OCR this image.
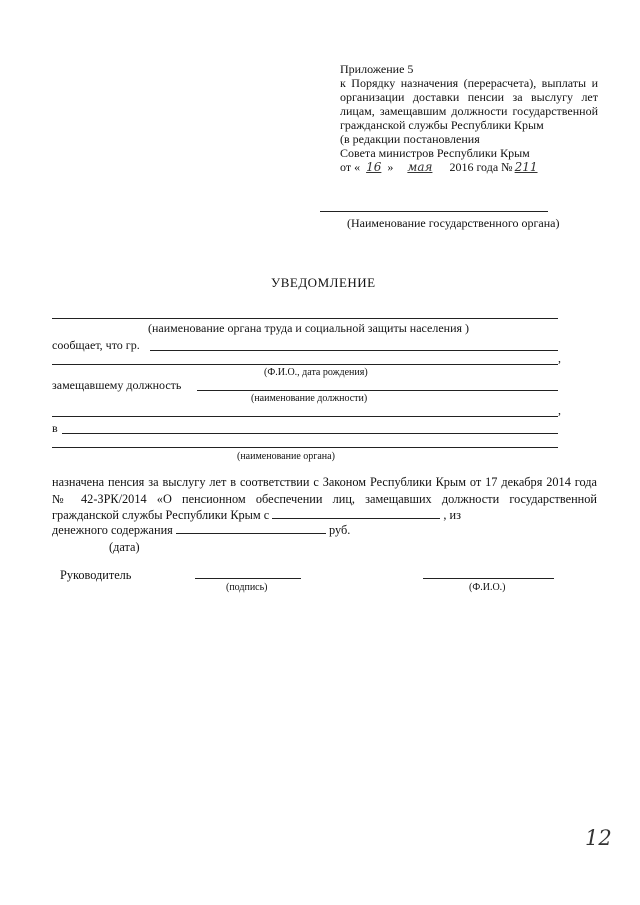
Приложение 5
к Порядку назначения (перерасчета), выплаты и
организации доставки пенсии за выслугу лет
лицам, замещавшим должности государственной
гражданской службы Республики Крым
(в редакции постановления
Совета министров Республики Крым
от « 16 » мая 2016 года № 211
(Наименование государственного органа)
УВЕДОМЛЕНИЕ
(наименование органа труда и социальной защиты населения )
сообщает, что гр.
,
(Ф.И.О., дата рождения)
замещавшему должность
(наименование должности)
,
в
(наименование органа)
назначена пенсия за выслугу лет в соответствии с Законом Республики Крым от 17 декабря 2014 года № 42-ЗРК/2014 «О пенсионном обеспечении лиц, замещавших должности государственной гражданской службы Республики Крым с	, из
денежного содержания	руб.
(дата)
Руководитель
(подпись)	(Ф.И.О.)
12
